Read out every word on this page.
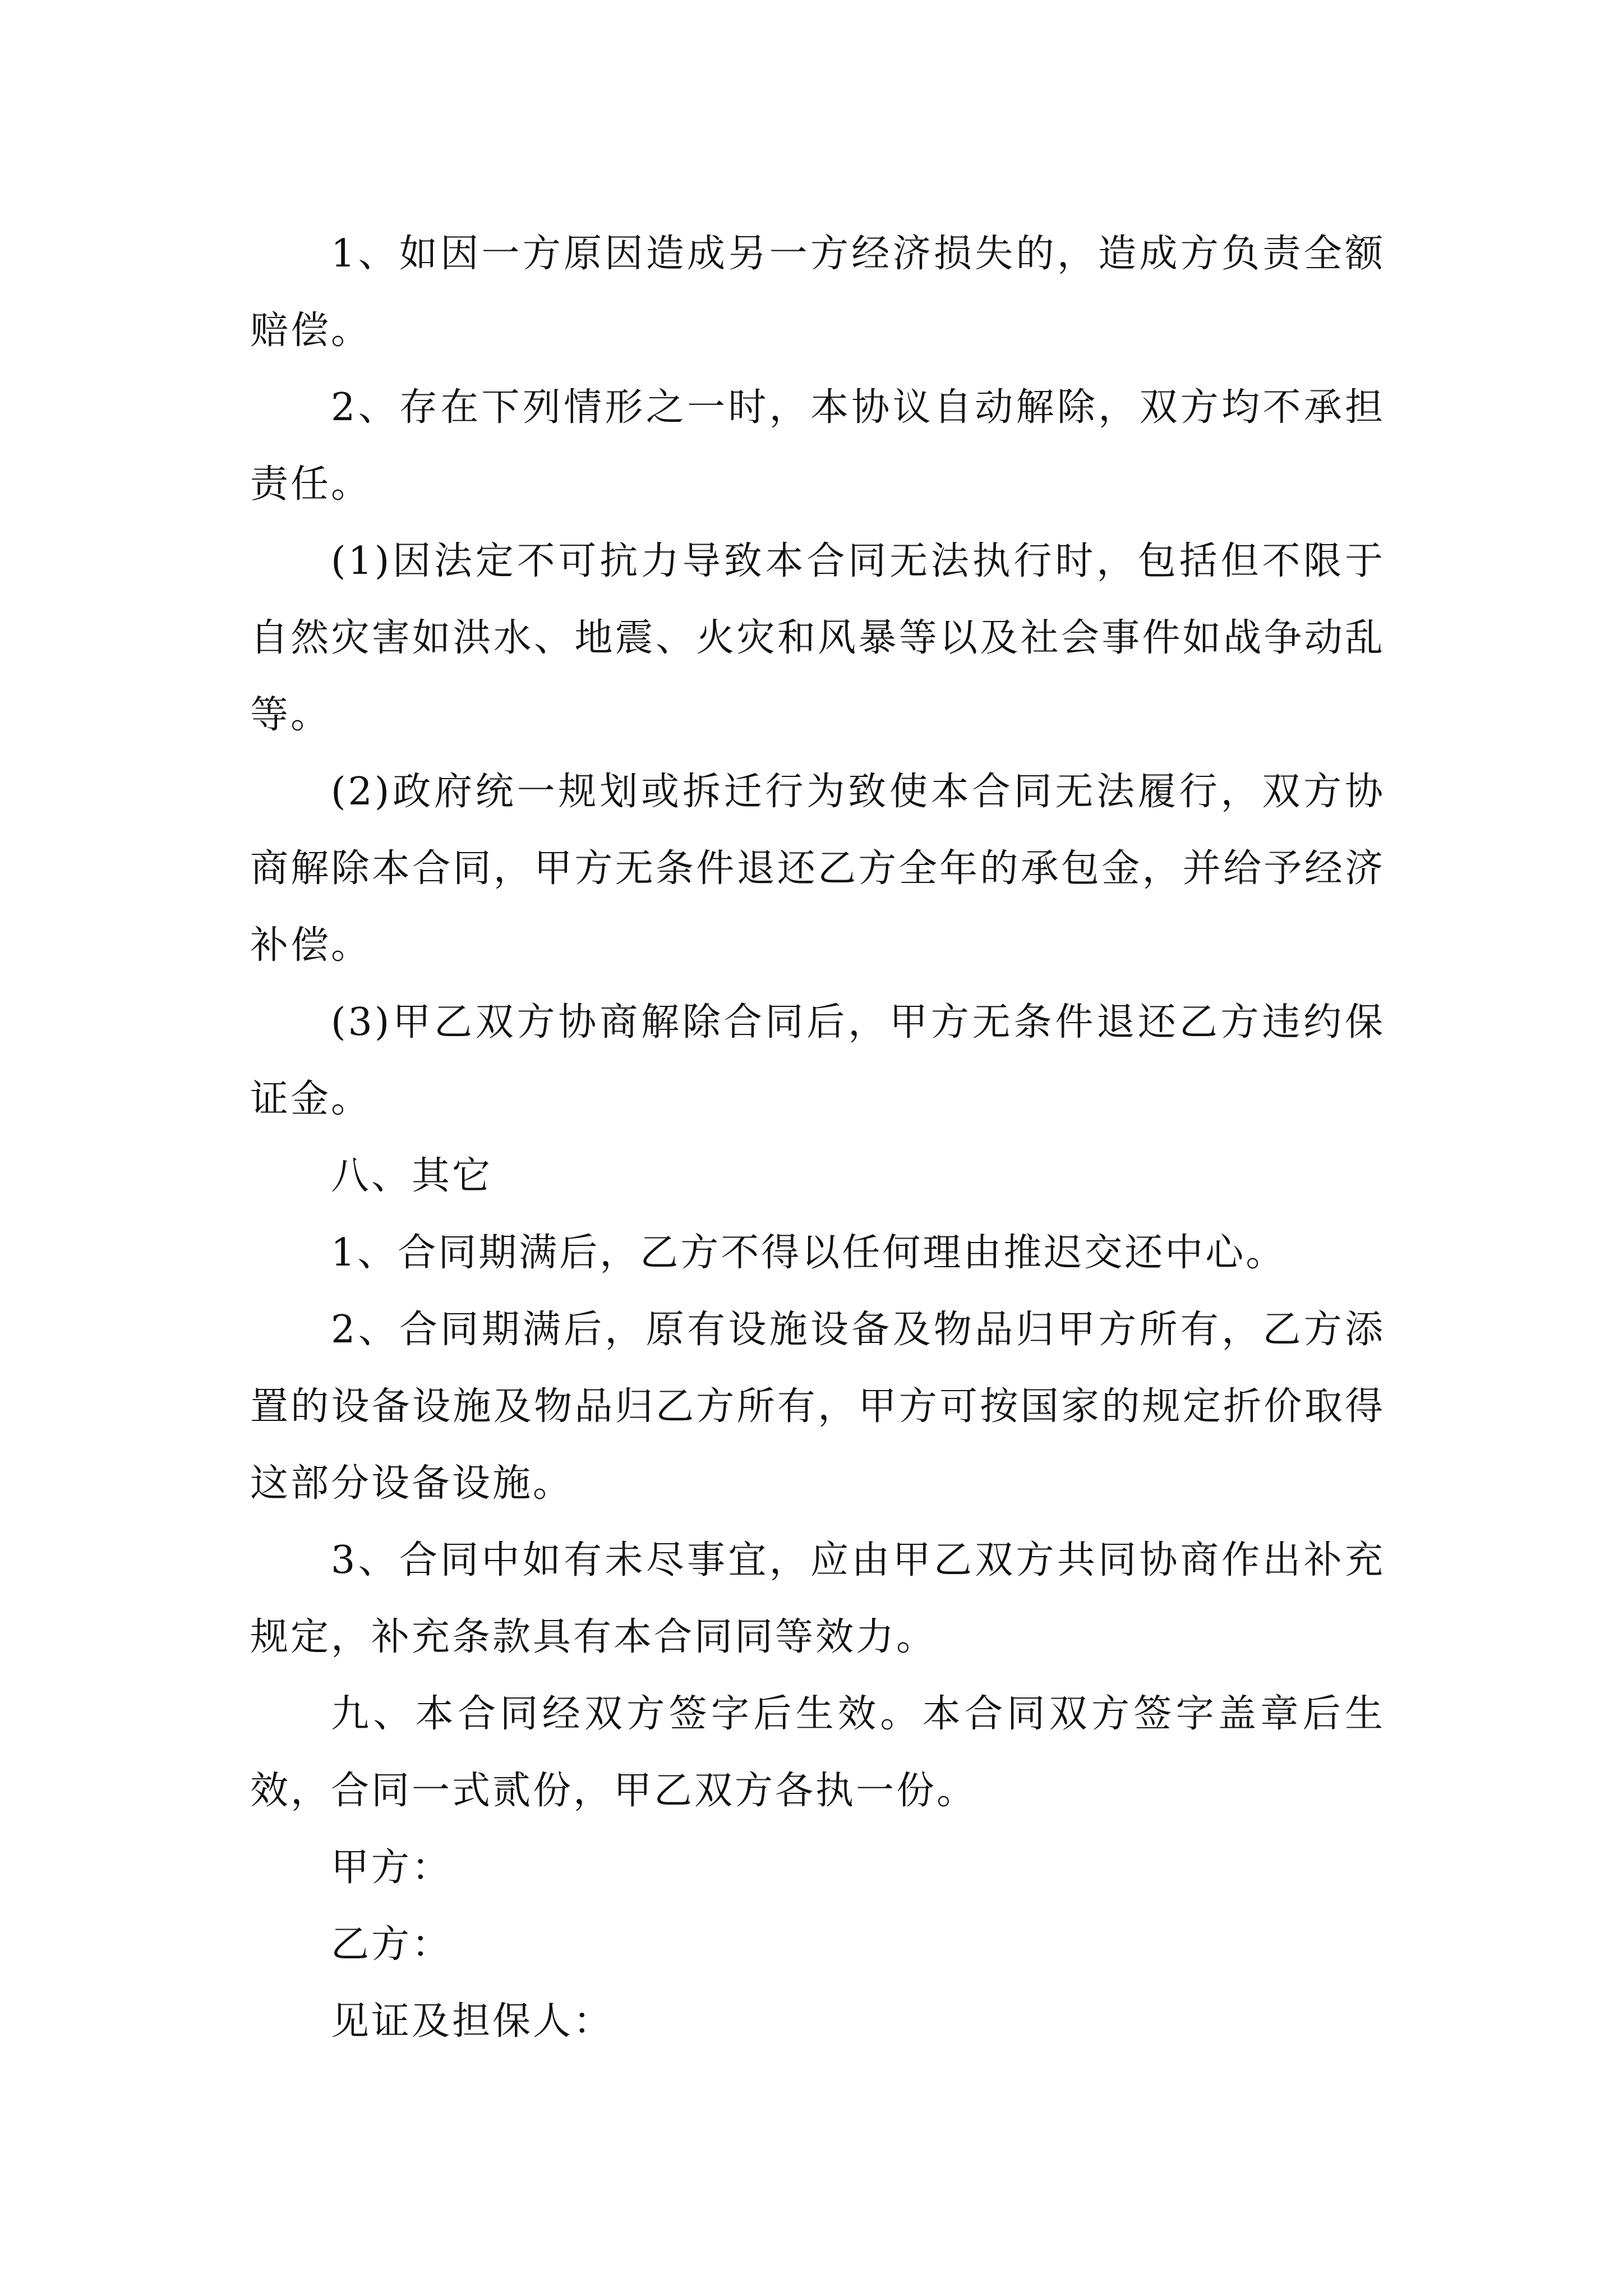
1、如因一方原因造成另一方经济损失的，造成方负责全额赔偿。

2、存在下列情形之一时，本协议自动解除，双方均不承担责任。

(1)因法定不可抗力导致本合同无法执行时，包括但不限于自然灾害如洪水、地震、火灾和风暴等以及社会事件如战争动乱等。

(2)政府统一规划或拆迁行为致使本合同无法履行，双方协商解除本合同，甲方无条件退还乙方全年的承包金，并给予经济补偿。

(3)甲乙双方协商解除合同后，甲方无条件退还乙方违约保证金。

八、其它

1、合同期满后，乙方不得以任何理由推迟交还中心。

2、合同期满后，原有设施设备及物品归甲方所有，乙方添置的设备设施及物品归乙方所有，甲方可按国家的规定折价取得这部分设备设施。

3、合同中如有未尽事宜，应由甲乙双方共同协商作出补充规定，补充条款具有本合同同等效力。

九、本合同经双方签字后生效。本合同双方签字盖章后生效，合同一式贰份，甲乙双方各执一份。

甲方：

乙方：

见证及担保人：
